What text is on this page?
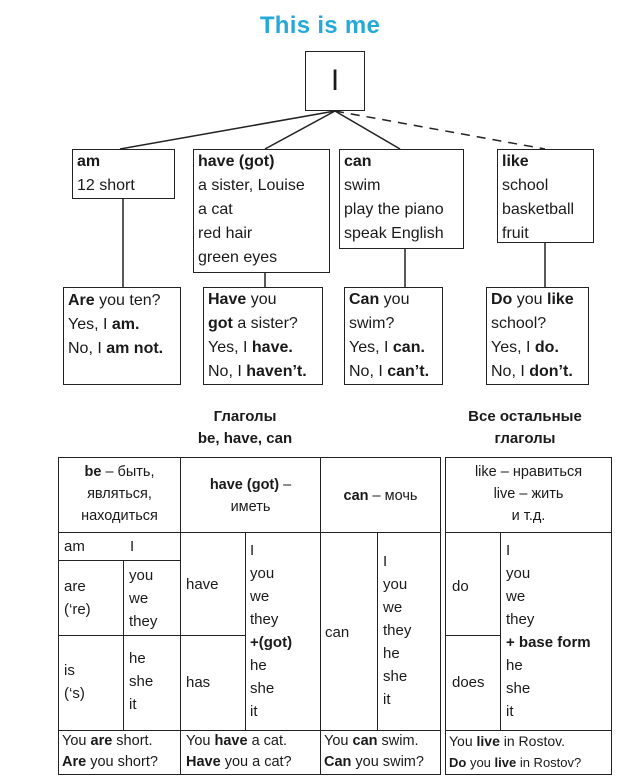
This is me
I
am
12 short
have (got)
a sister, Louise
a cat
red hair
green eyes
can
swim
play the piano
speak English
like
school
basketball
fruit
Are you ten?
Yes, I am.
No, I am not.
Have you
got a sister?
Yes, I have.
No, I haven’t.
Can you
swim?
Yes, I can.
No, I can’t.
Do you like
school?
Yes, I do.
No, I don’t.
Глаголы
be, have, can
Все остальные
глаголы
be – быть,
являться,
находиться
have (got) –
иметь
can – мочь
like – нравиться
live – жить
и т.д.
am	I
are
(‘re)
you
we
they
is
(‘s)
he
she
it
have
has
I
you
we
they
+(got)
he
she
it
can
I
you
we
they
he
she
it
do
does
I
you
we
they
+ base form
he
she
it
You are short.
Are you short?
You have a cat.
Have you a cat?
You can swim.
Can you swim?
You live in Rostov.
Do you live in Rostov?
